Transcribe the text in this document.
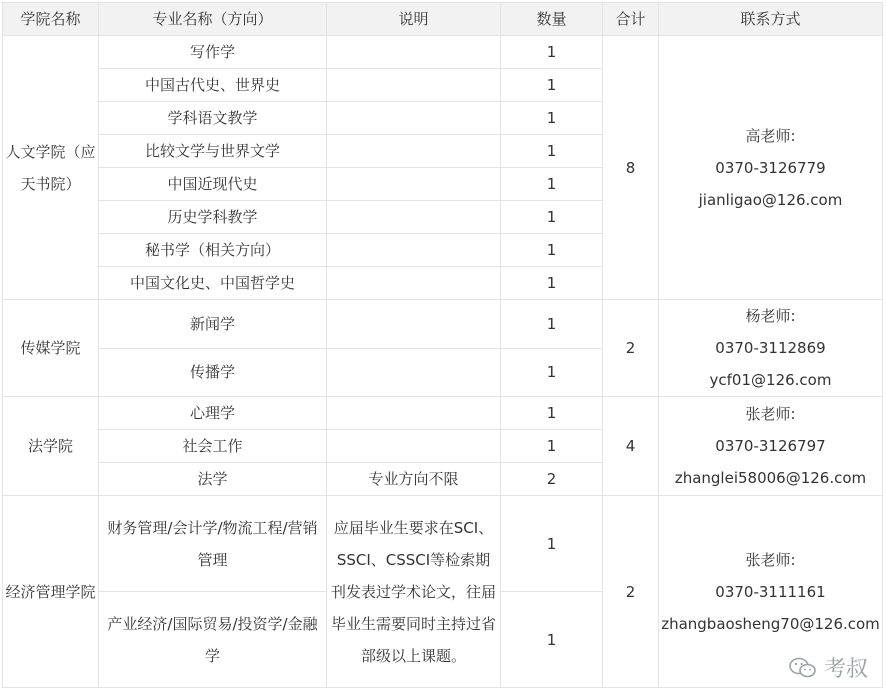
学院名称	专业名称（方向）	说明	数量	合计	联系方式
人文学院（应天书院）	写作学		1	8	高老师:
0370-3126779
jianligao@126.com

	中国古代史、世界史		1		
	学科语文教学		1		
	比较文学与世界文学		1		
	中国近现代史		1		
	历史学科教学		1		
	秘书学（相关方向）		1		
	中国文化史、中国哲学史		1		
传媒学院	新闻学		1	2	杨老师:
0370-3112869
ycf01@126.com

	传播学		1		
法学院	心理学		1	4	张老师:
0370-3126797
zhanglei58006@126.com

	社会工作		1		
	法学	专业方向不限	2		
经济管理学院	财务管理/会计学/物流工程/营销管理	应届毕业生要求在SCI、SSCI、CSSCI等检索期刊发表过学术论文，往届毕业生需要同时主持过省部级以上课题。	1	2	张老师:
0370-3111161
zhangbaosheng70@126.com

	产业经济/国际贸易/投资学/金融学		1		
考叔
